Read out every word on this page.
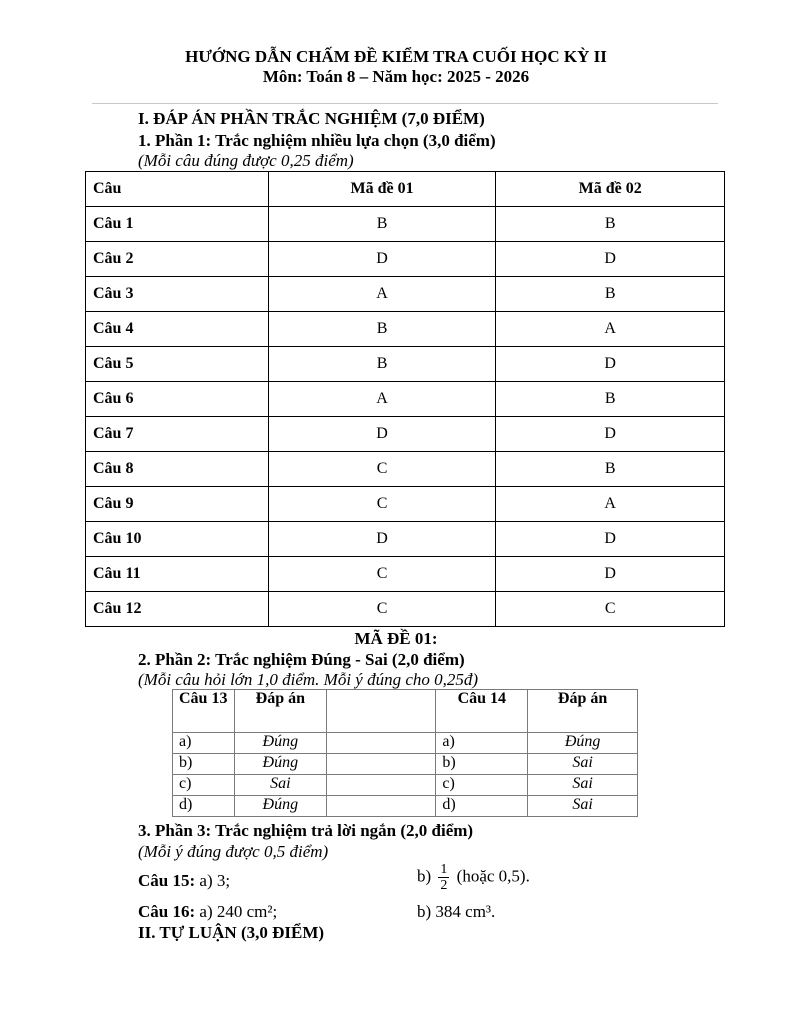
HƯỚNG DẪN CHẤM ĐỀ KIỂM TRA CUỐI HỌC KỲ II
Môn: Toán 8 – Năm học: 2025 - 2026
I. ĐÁP ÁN PHẦN TRẮC NGHIỆM (7,0 ĐIỂM)
1. Phần 1: Trắc nghiệm nhiều lựa chọn (3,0 điểm)
(Mỗi câu đúng được 0,25 điểm)
Câu	Mã đề 01	Mã đề 02
Câu 1	B	B
Câu 2	D	D
Câu 3	A	B
Câu 4	B	A
Câu 5	B	D
Câu 6	A	B
Câu 7	D	D
Câu 8	C	B
Câu 9	C	A
Câu 10	D	D
Câu 11	C	D
Câu 12	C	C
MÃ ĐỀ 01:
2. Phần 2: Trắc nghiệm Đúng - Sai (2,0 điểm)
(Mỗi câu hỏi lớn 1,0 điểm. Mỗi ý đúng cho 0,25đ)
Câu 13	Đáp án		Câu 14	Đáp án
a)	Đúng		a)	Đúng
b)	Đúng		b)	Sai
c)	Sai		c)	Sai
d)	Đúng		d)	Sai
3. Phần 3: Trắc nghiệm trả lời ngắn (2,0 điểm)
(Mỗi ý đúng được 0,5 điểm)
Câu 15: a) 3;	$b) \frac{1}{2}$ (hoặc 0,5).
Câu 16: a) 240 cm²;	b) 384 cm³.
II. TỰ LUẬN (3,0 ĐIỂM)
